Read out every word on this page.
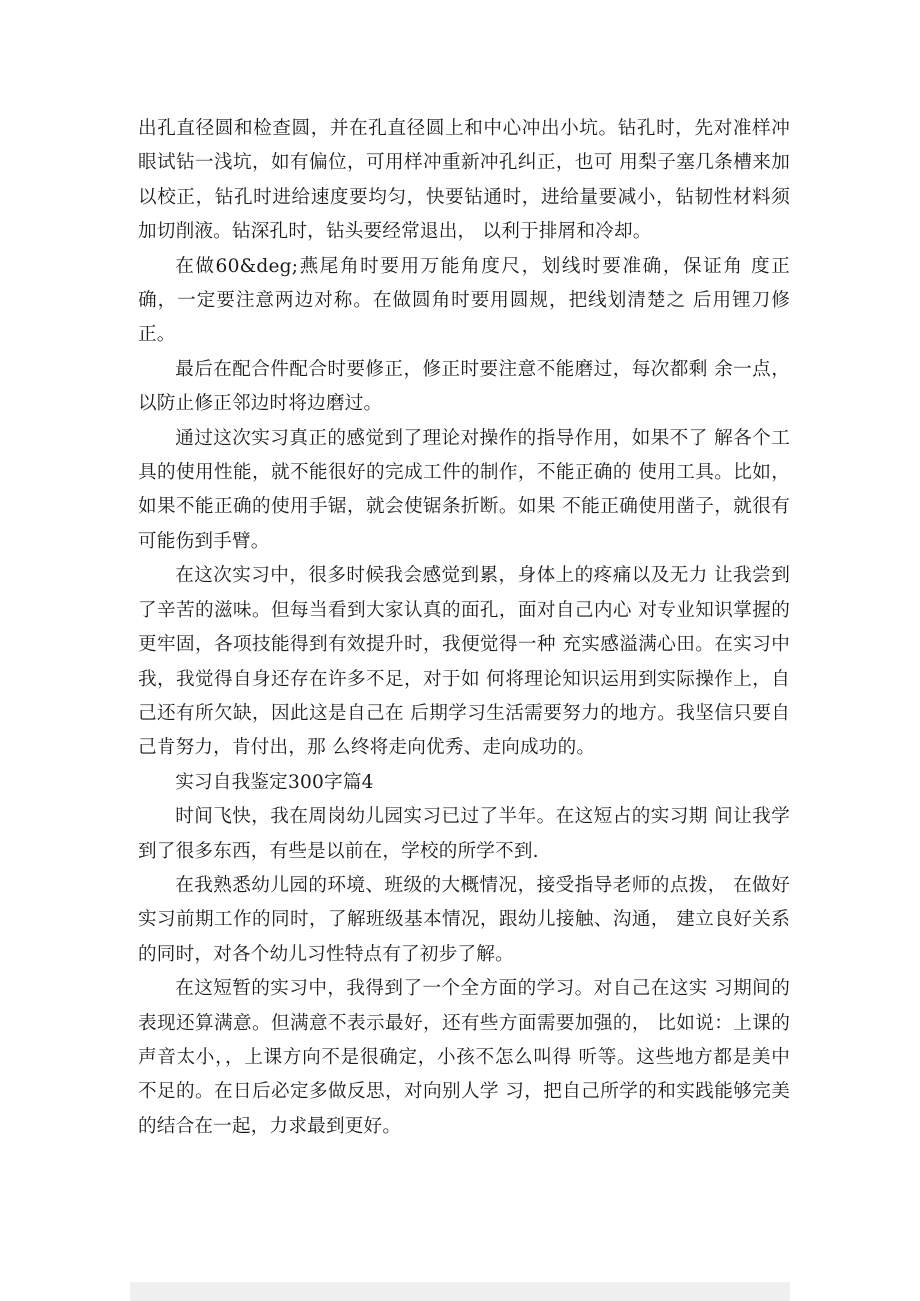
出孔直径圆和检查圆，并在孔直径圆上和中心冲出小坑。钻孔时，先对准样冲眼试钻一浅坑，如有偏位，可用样冲重新冲孔纠正，也可 用梨子塞几条槽来加以校正，钻孔时进给速度要均匀，快要钻通时，进给量要减小，钻韧性材料须加切削液。钻深孔时，钻头要经常退出， 以利于排屑和冷却。

在做60&deg;燕尾角时要用万能角度尺，划线时要准确，保证角 度正确，一定要注意两边对称。在做圆角时要用圆规，把线划清楚之 后用锂刀修正。

最后在配合件配合时要修正，修正时要注意不能磨过，每次都剩 余一点，以防止修正邻边时将边磨过。

通过这次实习真正的感觉到了理论对操作的指导作用，如果不了 解各个工具的使用性能，就不能很好的完成工件的制作，不能正确的 使用工具。比如，如果不能正确的使用手锯，就会使锯条折断。如果 不能正确使用凿子，就很有可能伤到手臂。

在这次实习中，很多时候我会感觉到累，身体上的疼痛以及无力 让我尝到了辛苦的滋味。但每当看到大家认真的面孔，面对自己内心 对专业知识掌握的更牢固，各项技能得到有效提升时，我便觉得一种 充实感溢满心田。在实习中我，我觉得自身还存在许多不足，对于如 何将理论知识运用到实际操作上，自己还有所欠缺，因此这是自己在 后期学习生活需要努力的地方。我坚信只要自己肯努力，肯付出，那 么终将走向优秀、走向成功的。

实习自我鉴定300字篇4

时间飞快，我在周岗幼儿园实习已过了半年。在这短占的实习期 间让我学到了很多东西，有些是以前在，学校的所学不到.

在我熟悉幼儿园的环境、班级的大概情况，接受指导老师的点拨， 在做好实习前期工作的同时，了解班级基本情况，跟幼儿接触、沟通， 建立良好关系的同时，对各个幼儿习性特点有了初步了解。

在这短暂的实习中，我得到了一个全方面的学习。对自己在这实 习期间的表现还算满意。但满意不表示最好，还有些方面需要加强的， 比如说：上课的声音太小，，上课方向不是很确定，小孩不怎么叫得 听等。这些地方都是美中不足的。在日后必定多做反思，对向别人学 习，把自己所学的和实践能够完美的结合在一起，力求最到更好。
